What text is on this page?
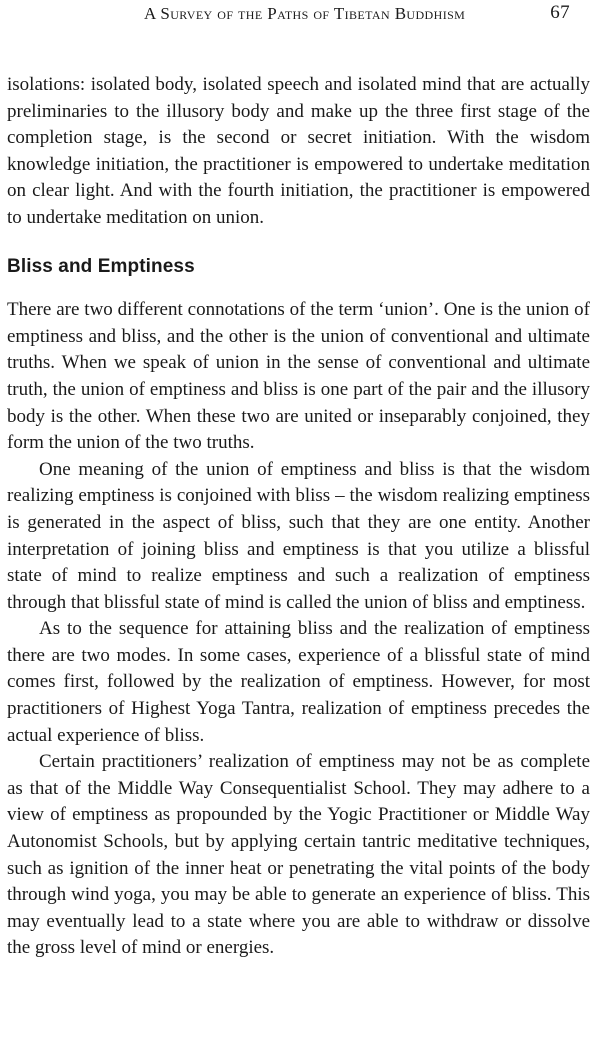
A Survey of the Paths of Tibetan Buddhism	67

isolations: isolated body, isolated speech and isolated mind that are actually preliminaries to the illusory body and make up the three first stage of the completion stage, is the second or secret initiation. With the wisdom knowledge initiation, the practitioner is empowered to undertake meditation on clear light. And with the fourth initiation, the practitioner is empowered to undertake meditation on union.

Bliss and Emptiness

There are two different connotations of the term ‘union’. One is the union of emptiness and bliss, and the other is the union of conventional and ultimate truths. When we speak of union in the sense of conventional and ultimate truth, the union of emptiness and bliss is one part of the pair and the illusory body is the other. When these two are united or inseparably conjoined, they form the union of the two truths.

One meaning of the union of emptiness and bliss is that the wisdom realizing emptiness is conjoined with bliss – the wisdom realizing emptiness is generated in the aspect of bliss, such that they are one entity. Another interpretation of joining bliss and emptiness is that you utilize a blissful state of mind to realize emptiness and such a realization of emptiness through that blissful state of mind is called the union of bliss and emptiness.

As to the sequence for attaining bliss and the realization of emptiness there are two modes. In some cases, experience of a blissful state of mind comes first, followed by the realization of emptiness. However, for most practitioners of Highest Yoga Tantra, realization of emptiness precedes the actual experience of bliss.

Certain practitioners’ realization of emptiness may not be as complete as that of the Middle Way Consequentialist School. They may adhere to a view of emptiness as propounded by the Yogic Practitioner or Middle Way Autonomist Schools, but by applying certain tantric meditative techniques, such as ignition of the inner heat or penetrating the vital points of the body through wind yoga, you may be able to generate an experience of bliss. This may eventually lead to a state where you are able to withdraw or dissolve the gross level of mind or energies.
